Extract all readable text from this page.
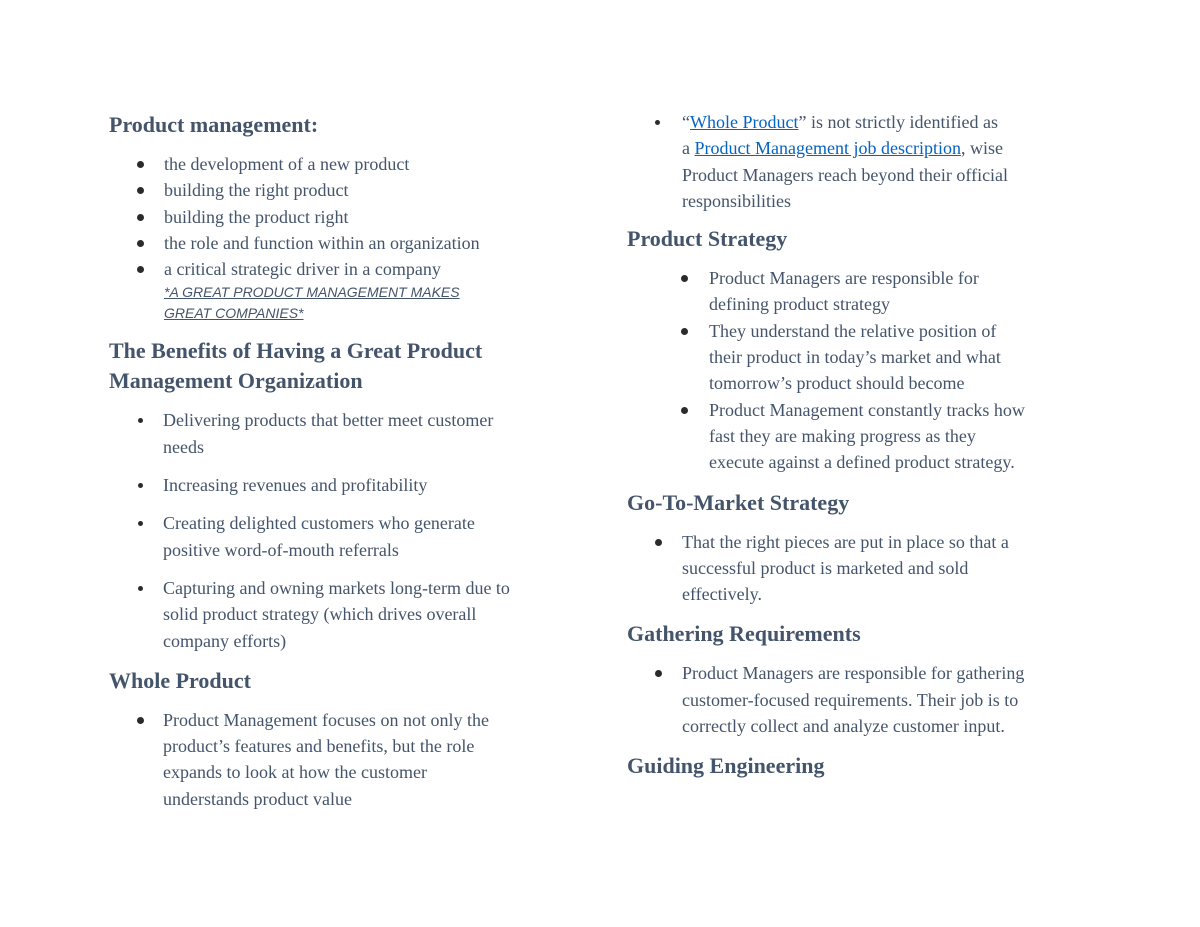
Product management:
the development of a new product
building the right product
building the product right
the role and function within an organization
a critical strategic driver in a company
*A GREAT PRODUCT MANAGEMENT MAKES
GREAT COMPANIES*
The Benefits of Having a Great Product
Management Organization
Delivering products that better meet customer
needs
Increasing revenues and profitability
Creating delighted customers who generate
positive word-of-mouth referrals
Capturing and owning markets long-term due to
solid product strategy (which drives overall
company efforts)
Whole Product
Product Management focuses on not only the
product’s features and benefits, but the role
expands to look at how the customer
understands product value
“Whole Product” is not strictly identified as
a Product Management job description, wise
Product Managers reach beyond their official
responsibilities
Product Strategy
Product Managers are responsible for
defining product strategy
They understand the relative position of
their product in today’s market and what
tomorrow’s product should become
Product Management constantly tracks how
fast they are making progress as they
execute against a defined product strategy.
Go-To-Market Strategy
That the right pieces are put in place so that a
successful product is marketed and sold
effectively.
Gathering Requirements
Product Managers are responsible for gathering
customer-focused requirements. Their job is to
correctly collect and analyze customer input.
Guiding Engineering
